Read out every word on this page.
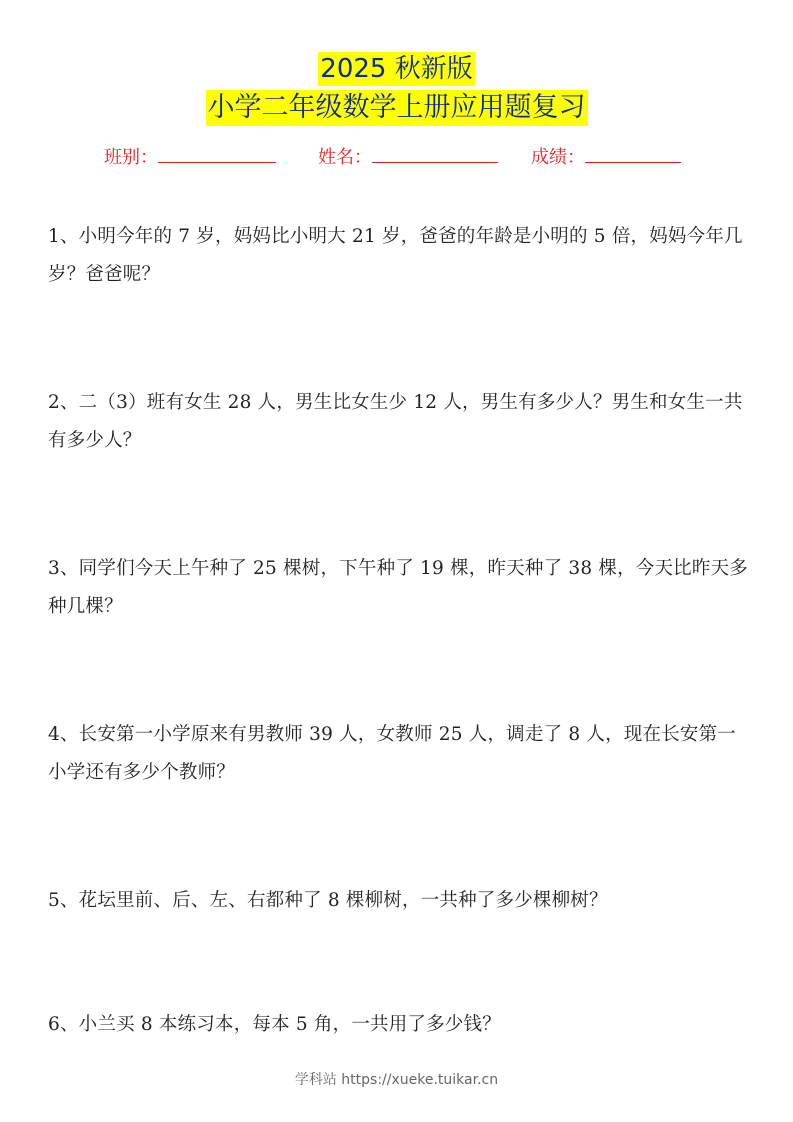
2025 秋新版
小学二年级数学上册应用题复习
班别：	姓名：	成绩：
1、小明今年的 7 岁，妈妈比小明大 21 岁，爸爸的年龄是小明的 5 倍，妈妈今年几岁？爸爸呢？
2、二（3）班有女生 28 人，男生比女生少 12 人，男生有多少人？男生和女生一共有多少人？
3、同学们今天上午种了 25 棵树，下午种了 19 棵，昨天种了 38 棵，今天比昨天多种几棵？
4、长安第一小学原来有男教师 39 人，女教师 25 人，调走了 8 人，现在长安第一小学还有多少个教师？
5、花坛里前、后、左、右都种了 8 棵柳树，一共种了多少棵柳树？
6、小兰买 8 本练习本，每本 5 角，一共用了多少钱？
学科站 https://xueke.tuikar.cn
